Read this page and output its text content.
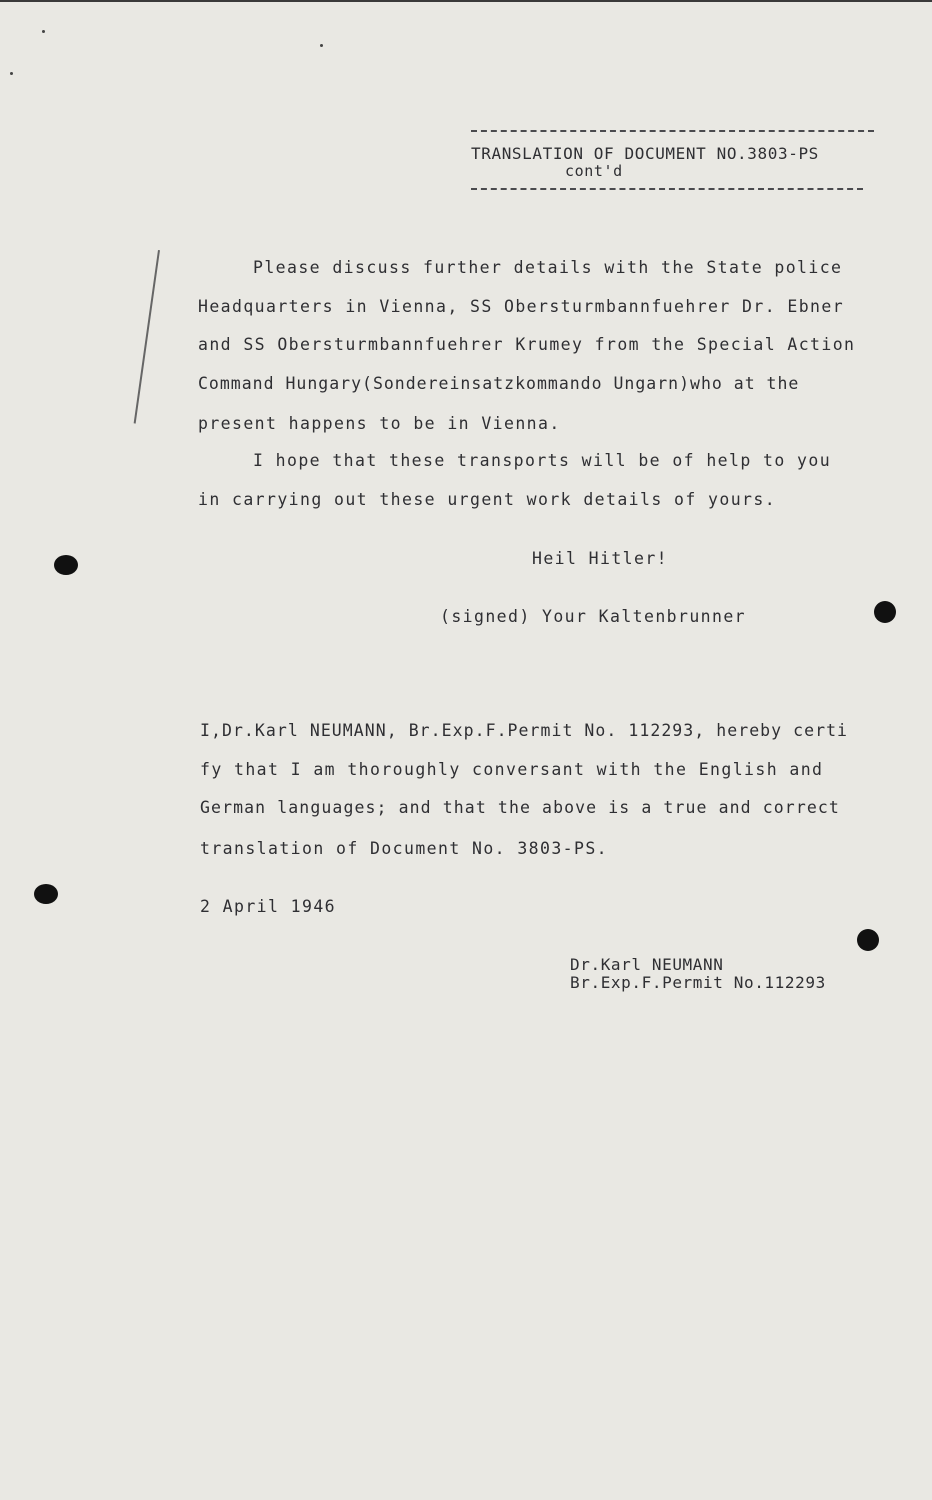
TRANSLATION OF DOCUMENT NO.3803-PS
cont'd
Please discuss further details with the State police
Headquarters in Vienna, SS Obersturmbannfuehrer Dr. Ebner
and SS Obersturmbannfuehrer Krumey from the Special Action
Command Hungary(Sondereinsatzkommando Ungarn)who at the
present happens to be in Vienna.
I hope that these transports will be of help to you
in carrying out these urgent work details of yours.
Heil Hitler!
(signed) Your Kaltenbrunner
I,Dr.Karl NEUMANN, Br.Exp.F.Permit No. 112293, hereby certi
fy that I am thoroughly conversant with the English and
German languages; and that the above is a true and correct
translation of Document No. 3803-PS.
2 April 1946
Dr.Karl NEUMANN
Br.Exp.F.Permit No.112293
